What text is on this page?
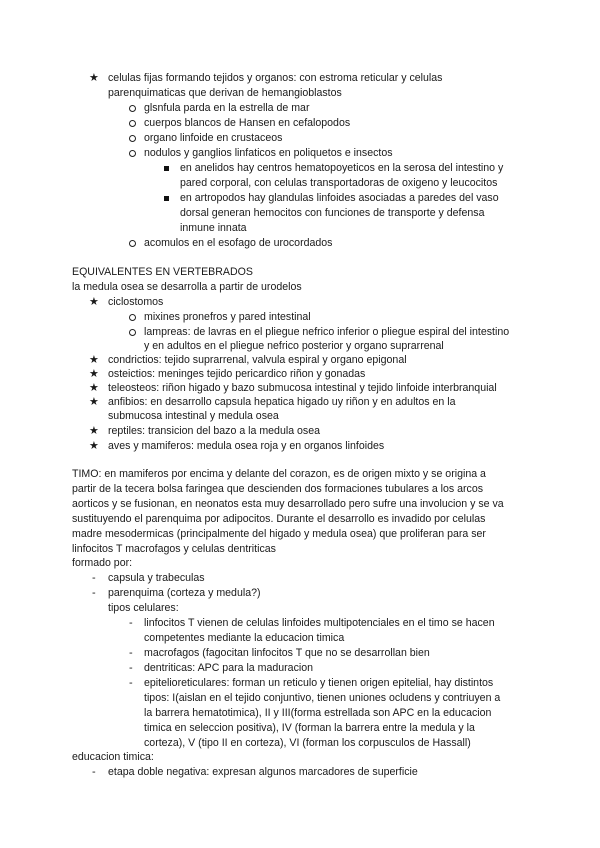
★ celulas fijas formando tejidos y organos: con estroma reticular y celulas
parenquimaticas que derivan de hemangioblastos
glsnfula parda en la estrella de mar
cuerpos blancos de Hansen en cefalopodos
organo linfoide en crustaceos
nodulos y ganglios linfaticos en poliquetos e insectos
en anelidos hay centros hematopoyeticos en la serosa del intestino y
pared corporal, con celulas transportadoras de oxigeno y leucocitos
en artropodos hay glandulas linfoides asociadas a paredes del vaso
dorsal generan hemocitos con funciones de transporte y defensa
inmune innata
acomulos en el esofago de urocordados
EQUIVALENTES EN VERTEBRADOS
la medula osea se desarrolla a partir de urodelos
★ ciclostomos
mixines pronefros y pared intestinal
lampreas: de lavras en el pliegue nefrico inferior o pliegue espiral del intestino
y en adultos en el pliegue nefrico posterior y organo suprarrenal
★ condrictios: tejido suprarrenal, valvula espiral y organo epigonal
★ osteictios: meninges tejido pericardico riñon y gonadas
★ teleosteos: riñon higado y bazo submucosa intestinal y tejido linfoide interbranquial
★ anfibios: en desarrollo capsula hepatica higado uy riñon y en adultos en la
submucosa intestinal y medula osea
★ reptiles: transicion del bazo a la medula osea
★ aves y mamiferos: medula osea roja y en organos linfoides
TIMO: en mamiferos por encima y delante del corazon, es de origen mixto y se origina a
partir de la tecera bolsa faringea que descienden dos formaciones tubulares a los arcos
aorticos y se fusionan, en neonatos esta muy desarrollado pero sufre una involucion y se va
sustituyendo el parenquima por adipocitos. Durante el desarrollo es invadido por celulas
madre mesodermicas (principalmente del higado y medula osea) que proliferan para ser
linfocitos T macrofagos y celulas dentriticas
formado por:
- capsula y trabeculas
- parenquima (corteza y medula?)
tipos celulares:
- linfocitos T vienen de celulas linfoides multipotenciales en el timo se hacen
competentes mediante la educacion timica
- macrofagos (fagocitan linfocitos T que no se desarrollan bien
- dentriticas: APC para la maduracion
- epitelioreticulares: forman un reticulo y tienen origen epitelial, hay distintos
tipos: I(aislan en el tejido conjuntivo, tienen uniones ocludens y contriuyen a
la barrera hematotimica), II y III(forma estrellada son APC en la educacion
timica en seleccion positiva), IV (forman la barrera entre la medula y la
corteza), V (tipo II en corteza), VI (forman los corpusculos de Hassall)
educacion timica:
- etapa doble negativa: expresan algunos marcadores de superficie
